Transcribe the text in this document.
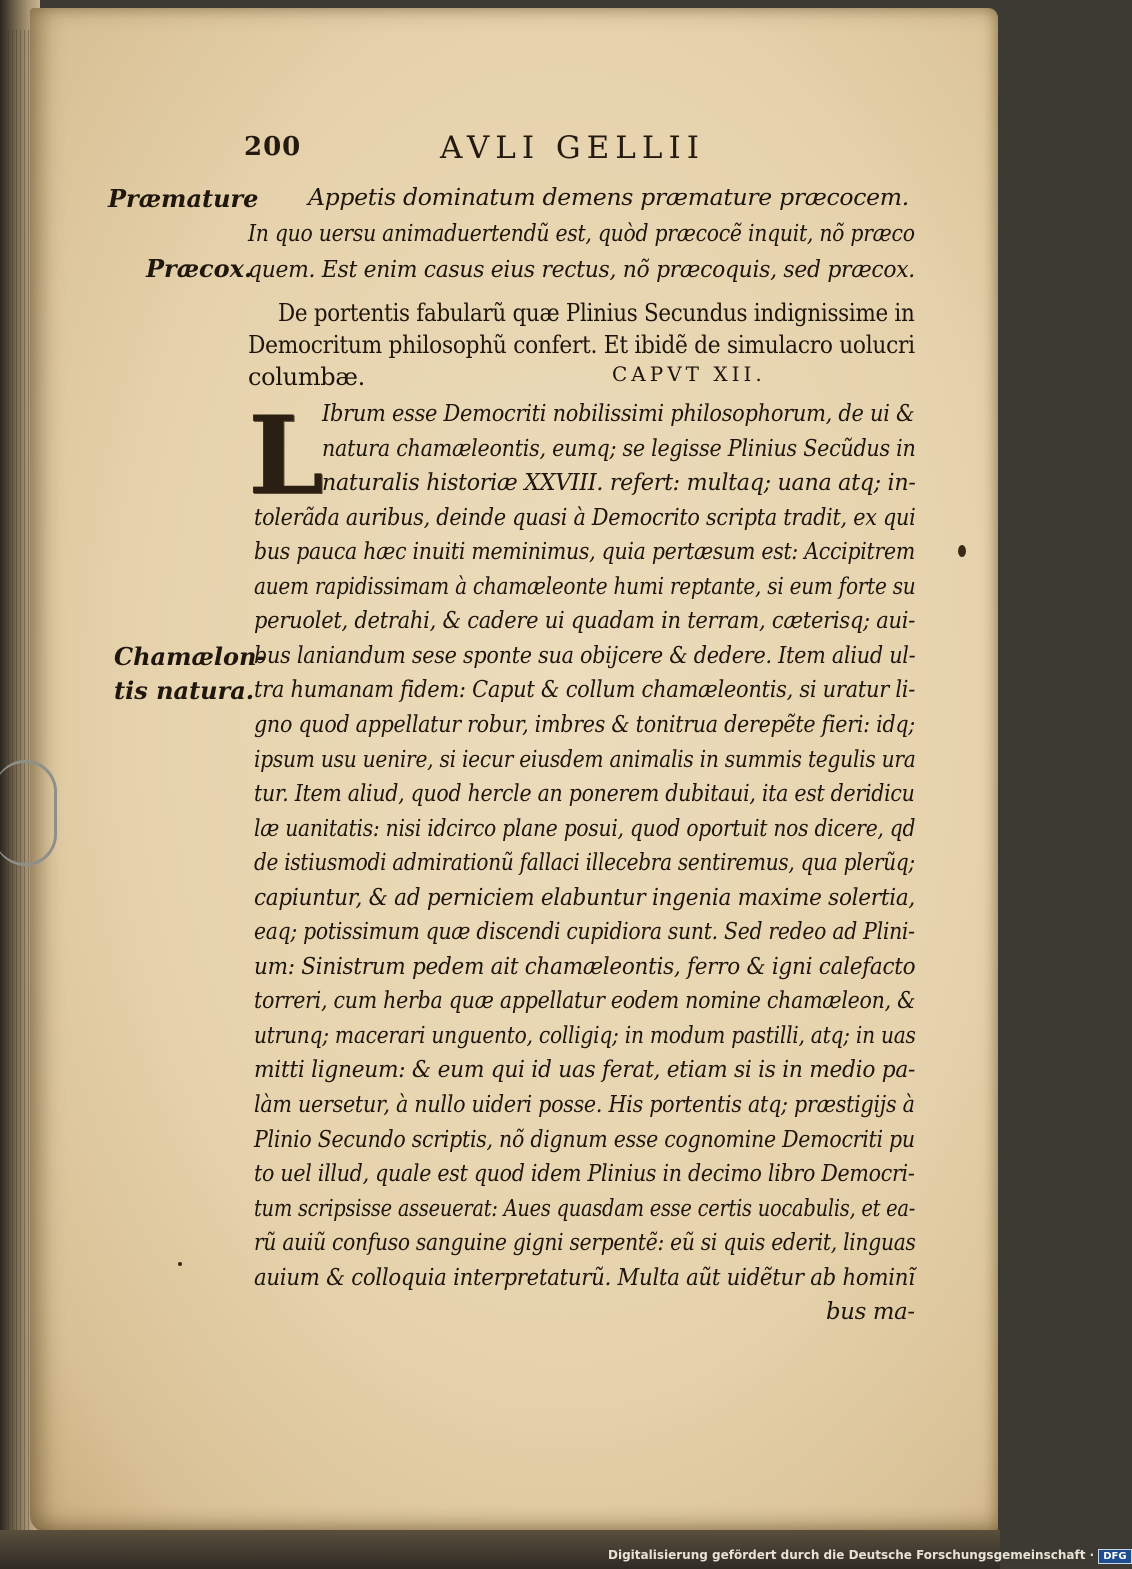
200	AVLI GELLII
Præmature
Præcox.
Chamælon-
tis natura.
Appetis dominatum demens præmature præcocem.
In quo uersu animaduertendũ est, quòd præcocẽ inquit, nõ præco
quem. Est enim casus eius rectus, nõ præcoquis, sed præcox.
De portentis fabularũ quæ Plinius Secundus indignissime in
Democritum philosophũ confert. Et ibidẽ de simulacro uolucri
columbæ.	CAPVT XII.
L
Ibrum esse Democriti nobilissimi philosophorum, de ui &
natura chamæleontis, eumq; se legisse Plinius Secũdus in
naturalis historiæ XXVIII. refert: multaq; uana atq; in-
tolerãda auribus, deinde quasi à Democrito scripta tradit, ex qui
bus pauca hæc inuiti meminimus, quia pertæsum est: Accipitrem
auem rapidissimam à chamæleonte humi reptante, si eum forte su
peruolet, detrahi, & cadere ui quadam in terram, cæterisq; aui-
bus laniandum sese sponte sua obijcere & dedere. Item aliud ul-
tra humanam fidem: Caput & collum chamæleontis, si uratur li-
gno quod appellatur robur, imbres & tonitrua derepẽte fieri: idq;
ipsum usu uenire, si iecur eiusdem animalis in summis tegulis ura
tur. Item aliud, quod hercle an ponerem dubitaui, ita est deridicu
læ uanitatis: nisi idcirco plane posui, quod oportuit nos dicere, qd
de istiusmodi admirationũ fallaci illecebra sentiremus, qua plerũq;
capiuntur, & ad perniciem elabuntur ingenia maxime solertia,
eaq; potissimum quæ discendi cupidiora sunt. Sed redeo ad Plini-
um: Sinistrum pedem ait chamæleontis, ferro & igni calefacto
torreri, cum herba quæ appellatur eodem nomine chamæleon, &
utrunq; macerari unguento, colligiq; in modum pastilli, atq; in uas
mitti ligneum: & eum qui id uas ferat, etiam si is in medio pa-
làm uersetur, à nullo uideri posse. His portentis atq; præstigijs à
Plinio Secundo scriptis, nõ dignum esse cognomine Democriti pu
to uel illud, quale est quod idem Plinius in decimo libro Democri-
tum scripsisse asseuerat: Aues quasdam esse certis uocabulis, et ea-
rũ auiũ confuso sanguine gigni serpentẽ: eũ si quis ederit, linguas
auium & colloquia interpretaturũ. Multa aũt uidẽtur ab hominĩ
bus ma-
Digitalisierung gefördert durch die Deutsche Forschungsgemeinschaft · DFG
